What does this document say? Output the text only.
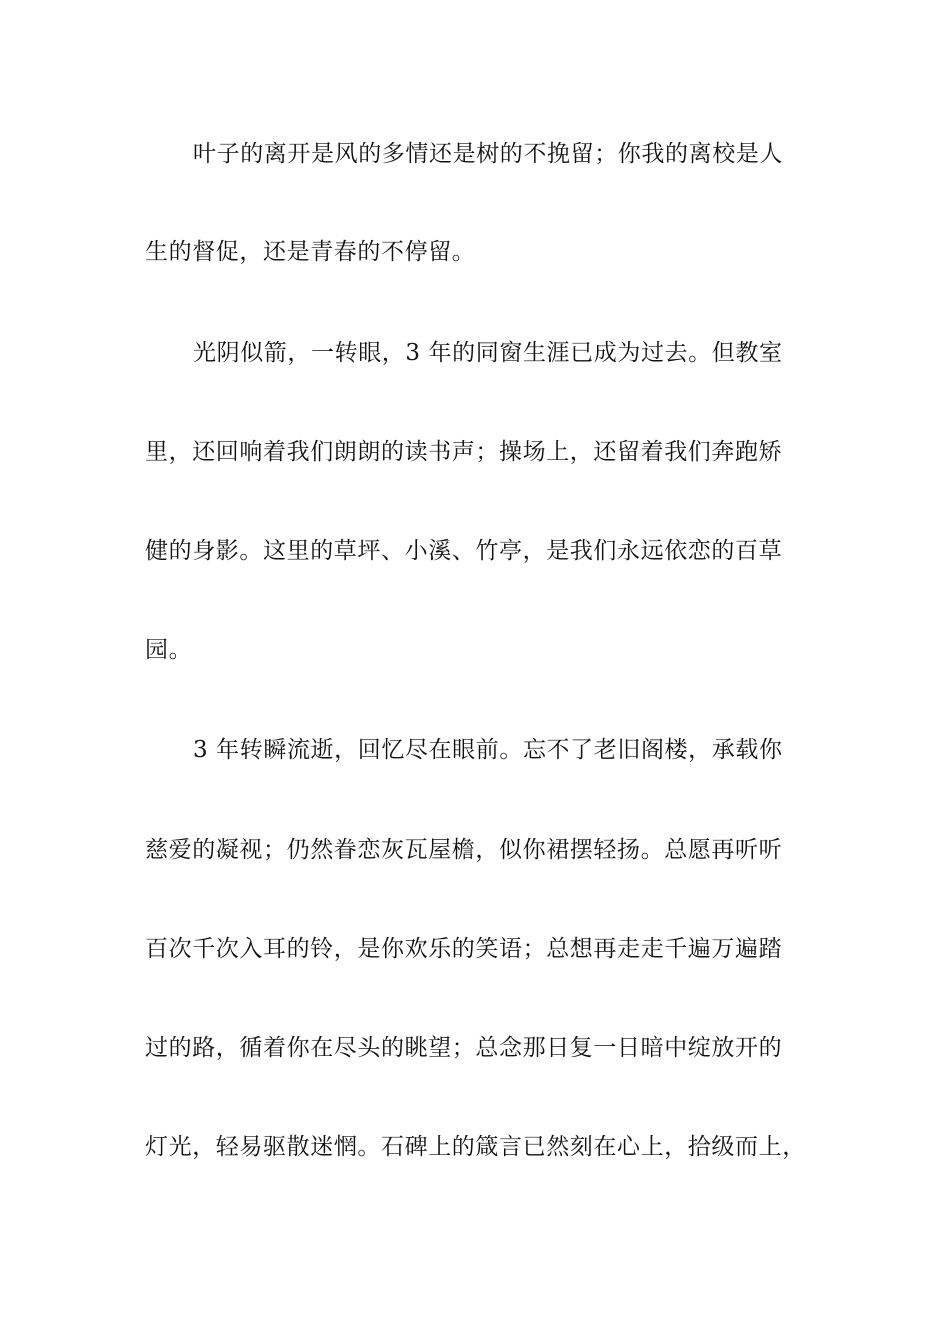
叶子的离开是风的多情还是树的不挽留；你我的离校是人
生的督促，还是青春的不停留。
光阴似箭，一转眼，3 年的同窗生涯已成为过去。但教室
里，还回响着我们朗朗的读书声；操场上，还留着我们奔跑矫
健的身影。这里的草坪、小溪、竹亭，是我们永远依恋的百草
园。
3 年转瞬流逝，回忆尽在眼前。忘不了老旧阁楼，承载你
慈爱的凝视；仍然眷恋灰瓦屋檐，似你裙摆轻扬。总愿再听听
百次千次入耳的铃，是你欢乐的笑语；总想再走走千遍万遍踏
过的路，循着你在尽头的眺望；总念那日复一日暗中绽放开的
灯光，轻易驱散迷惘。石碑上的箴言已然刻在心上，拾级而上，
